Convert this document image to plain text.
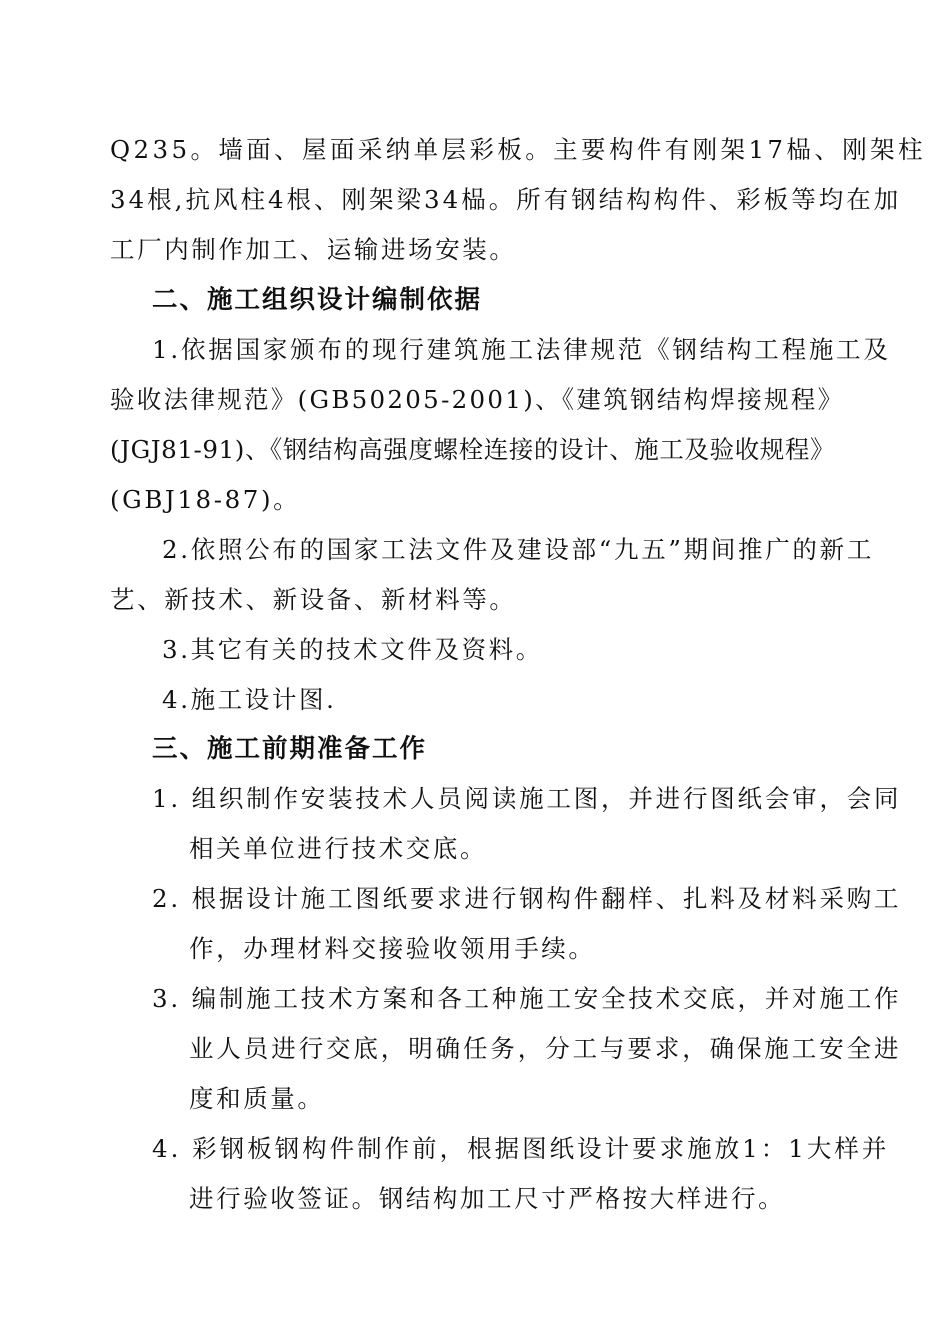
Q235。墙面、屋面采纳单层彩板。主要构件有刚架17榀、刚架柱
34根,抗风柱4根、刚架梁34榀。所有钢结构构件、彩板等均在加
工厂内制作加工、运输进场安装。
二、施工组织设计编制依据
1.依据国家颁布的现行建筑施工法律规范《钢结构工程施工及
验收法律规范》(GB50205-2001)、《建筑钢结构焊接规程》
(JGJ81-91)、《钢结构高强度螺栓连接的设计、施工及验收规程》
(GBJ18-87)。
2.依照公布的国家工法文件及建设部“九五”期间推广的新工
艺、新技术、新设备、新材料等。
3.其它有关的技术文件及资料。
4.施工设计图.
三、施工前期准备工作
1. 组织制作安装技术人员阅读施工图，并进行图纸会审，会同
相关单位进行技术交底。
2. 根据设计施工图纸要求进行钢构件翻样、扎料及材料采购工
作，办理材料交接验收领用手续。
3. 编制施工技术方案和各工种施工安全技术交底，并对施工作
业人员进行交底，明确任务，分工与要求，确保施工安全进
度和质量。
4. 彩钢板钢构件制作前，根据图纸设计要求施放1：1大样并
进行验收签证。钢结构加工尺寸严格按大样进行。
